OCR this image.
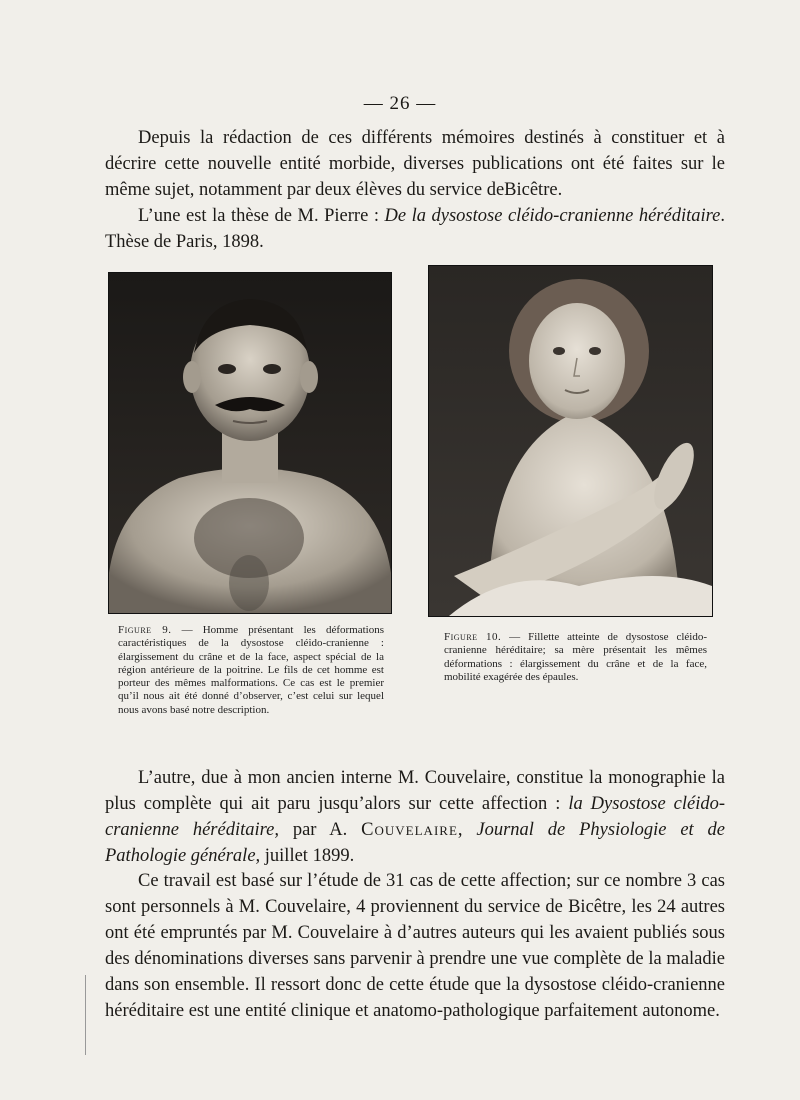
— 26 —

Depuis la rédaction de ces différents mémoires destinés à constituer et à décrire cette nouvelle entité morbide, diverses publications ont été faites sur le même sujet, notamment par deux élèves du service deBicêtre.

L’une est la thèse de M. Pierre : De la dysostose cléido-cranienne héréditaire. Thèse de Paris, 1898.

Figure 9. — Homme présentant les déformations caractéristiques de la dysostose cléido-cranienne : élargissement du crâne et de la face, aspect spécial de la région antérieure de la poitrine. Le fils de cet homme est porteur des mêmes malformations. Ce cas est le premier qu’il nous ait été donné d’observer, c’est celui sur lequel nous avons basé notre description.
Figure 10. — Fillette atteinte de dysostose cléido-cranienne héréditaire; sa mère présentait les mêmes déformations : élargissement du crâne et de la face, mobilité exagérée des épaules.

L’autre, due à mon ancien interne M. Couvelaire, constitue la monographie la plus complète qui ait paru jusqu’alors sur cette affection : la Dysostose cléido-cranienne héréditaire, par A. Couvelaire, Journal de Physiologie et de Pathologie générale, juillet 1899.

Ce travail est basé sur l’étude de 31 cas de cette affection; sur ce nombre 3 cas sont personnels à M. Couvelaire, 4 proviennent du service de Bicêtre, les 24 autres ont été empruntés par M. Couvelaire à d’autres auteurs qui les avaient publiés sous des dénominations diverses sans parvenir à prendre une vue complète de la maladie dans son ensemble. Il ressort donc de cette étude que la dysostose cléido-cranienne héréditaire est une entité clinique et anatomo-pathologique parfaitement autonome.
